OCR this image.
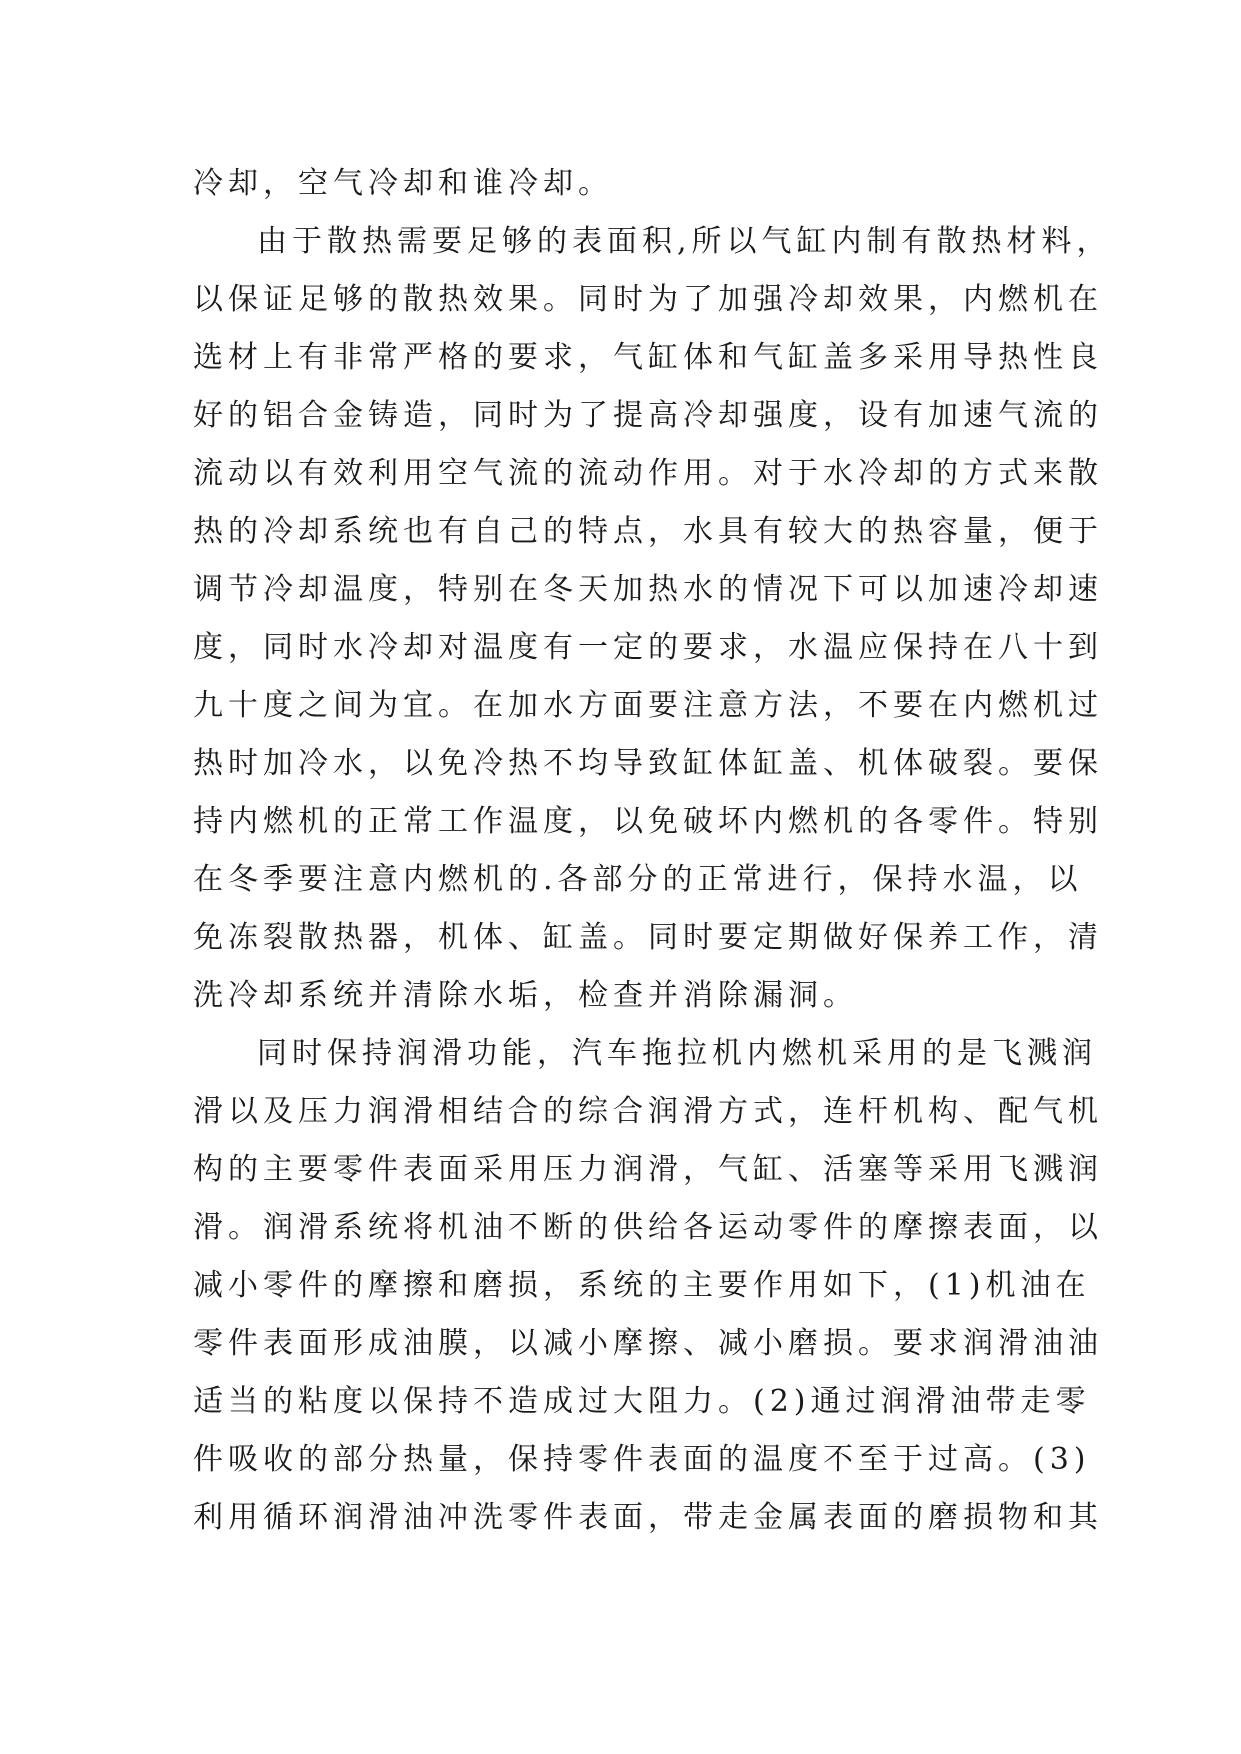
冷却，空气冷却和谁冷却。
由于散热需要足够的表面积,所以气缸内制有散热材料，
以保证足够的散热效果。同时为了加强冷却效果，内燃机在
选材上有非常严格的要求，气缸体和气缸盖多采用导热性良
好的铝合金铸造，同时为了提高冷却强度，设有加速气流的
流动以有效利用空气流的流动作用。对于水冷却的方式来散
热的冷却系统也有自己的特点，水具有较大的热容量，便于
调节冷却温度，特别在冬天加热水的情况下可以加速冷却速
度，同时水冷却对温度有一定的要求，水温应保持在八十到
九十度之间为宜。在加水方面要注意方法，不要在内燃机过
热时加冷水，以免冷热不均导致缸体缸盖、机体破裂。要保
持内燃机的正常工作温度，以免破坏内燃机的各零件。特别
在冬季要注意内燃机的.各部分的正常进行，保持水温，以
免冻裂散热器，机体、缸盖。同时要定期做好保养工作，清
洗冷却系统并清除水垢，检查并消除漏洞。
同时保持润滑功能，汽车拖拉机内燃机采用的是飞溅润
滑以及压力润滑相结合的综合润滑方式，连杆机构、配气机
构的主要零件表面采用压力润滑，气缸、活塞等采用飞溅润
滑。润滑系统将机油不断的供给各运动零件的摩擦表面，以
减小零件的摩擦和磨损，系统的主要作用如下，(1)机油在
零件表面形成油膜，以减小摩擦、减小磨损。要求润滑油油
适当的粘度以保持不造成过大阻力。(2)通过润滑油带走零
件吸收的部分热量，保持零件表面的温度不至于过高。(3)
利用循环润滑油冲洗零件表面，带走金属表面的磨损物和其
